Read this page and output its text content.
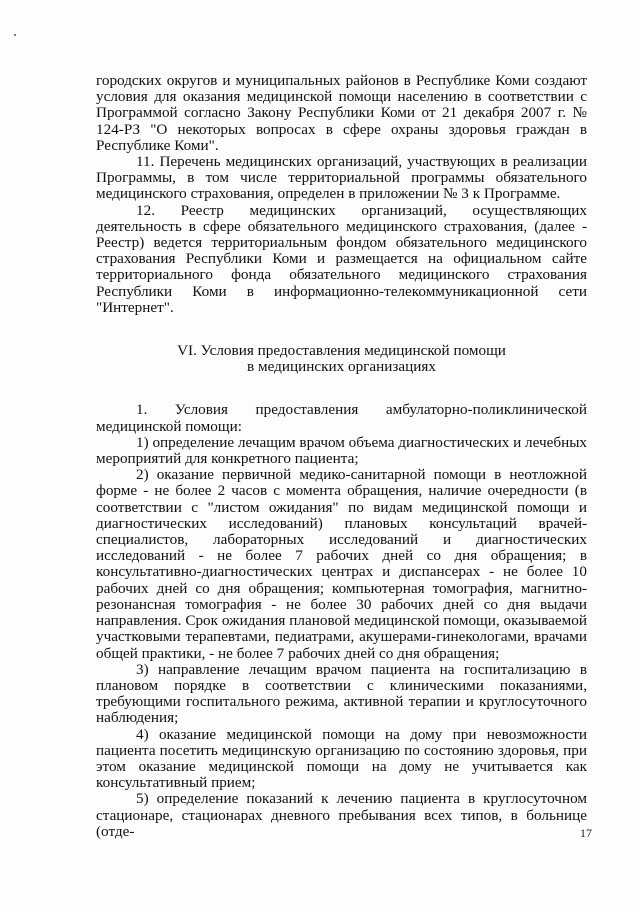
городских округов и муниципальных районов в Республике Коми создают условия для оказания медицинской помощи населению в соответствии с Программой согласно Закону Республики Коми от 21 декабря 2007 г. № 124-РЗ "О некоторых вопросах в сфере охраны здоровья граждан в Республике Коми".

11. Перечень медицинских организаций, участвующих в реализации Программы, в том числе территориальной программы обязательного медицинского страхования, определен в приложении № 3 к Программе.

12. Реестр медицинских организаций, осуществляющих деятельность в сфере обязательного медицинского страхования, (далее - Реестр) ведется территориальным фондом обязательного медицинского страхования Республики Коми и размещается на официальном сайте территориального фонда обязательного медицинского страхования Республики Коми в информационно-телекоммуникационной сети "Интернет".

VI. Условия предоставления медицинской помощи

в медицинских организациях

1. Условия предоставления амбулаторно-поликлинической медицинской помощи:

1) определение лечащим врачом объема диагностических и лечебных мероприятий для конкретного пациента;

2) оказание первичной медико-санитарной помощи в неотложной форме - не более 2 часов с момента обращения, наличие очередности (в соответствии с "листом ожидания" по видам медицинской помощи и диагностических исследований) плановых консультаций врачей-специалистов, лабораторных исследований и диагностических исследований - не более 7 рабочих дней со дня обращения; в консультативно-диагностических центрах и диспансерах - не более 10 рабочих дней со дня обращения; компьютерная томография, магнитно-резонансная томография - не более 30 рабочих дней со дня выдачи направления. Срок ожидания плановой медицинской помощи, оказываемой участковыми терапевтами, педиатрами, акушерами-гинекологами, врачами общей практики, - не более 7 рабочих дней со дня обращения;

3) направление лечащим врачом пациента на госпитализацию в плановом порядке в соответствии с клиническими показаниями, требующими госпитального режима, активной терапии и круглосуточного наблюдения;

4) оказание медицинской помощи на дому при невозможности пациента посетить медицинскую организацию по состоянию здоровья, при этом оказание медицинской помощи на дому не учитывается как консультативный прием;

5) определение показаний к лечению пациента в круглосуточном стационаре, стационарах дневного пребывания всех типов, в больнице (отде-	17
